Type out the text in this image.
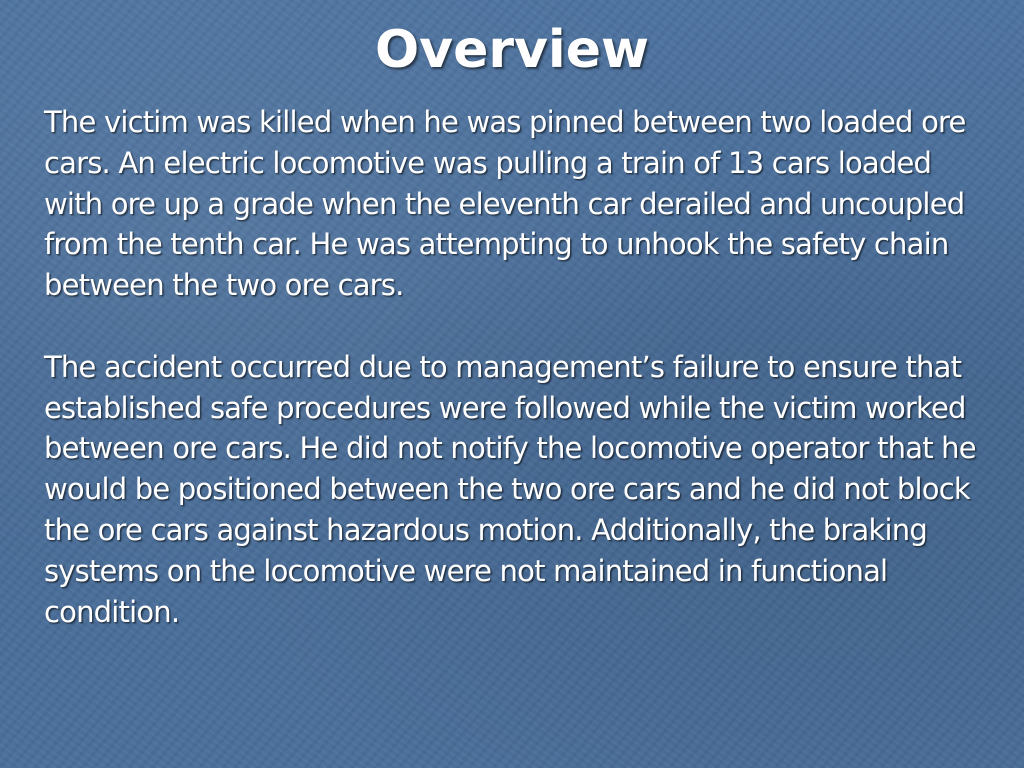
Overview

The victim was killed when he was pinned between two loaded ore cars. An electric locomotive was pulling a train of 13 cars loaded with ore up a grade when the eleventh car derailed and uncoupled from the tenth car. He was attempting to unhook the safety chain between the two ore cars.

The accident occurred due to management’s failure to ensure that established safe procedures were followed while the victim worked between ore cars. He did not notify the locomotive operator that he would be positioned between the two ore cars and he did not block the ore cars against hazardous motion. Additionally, the braking systems on the locomotive were not maintained in functional condition.
